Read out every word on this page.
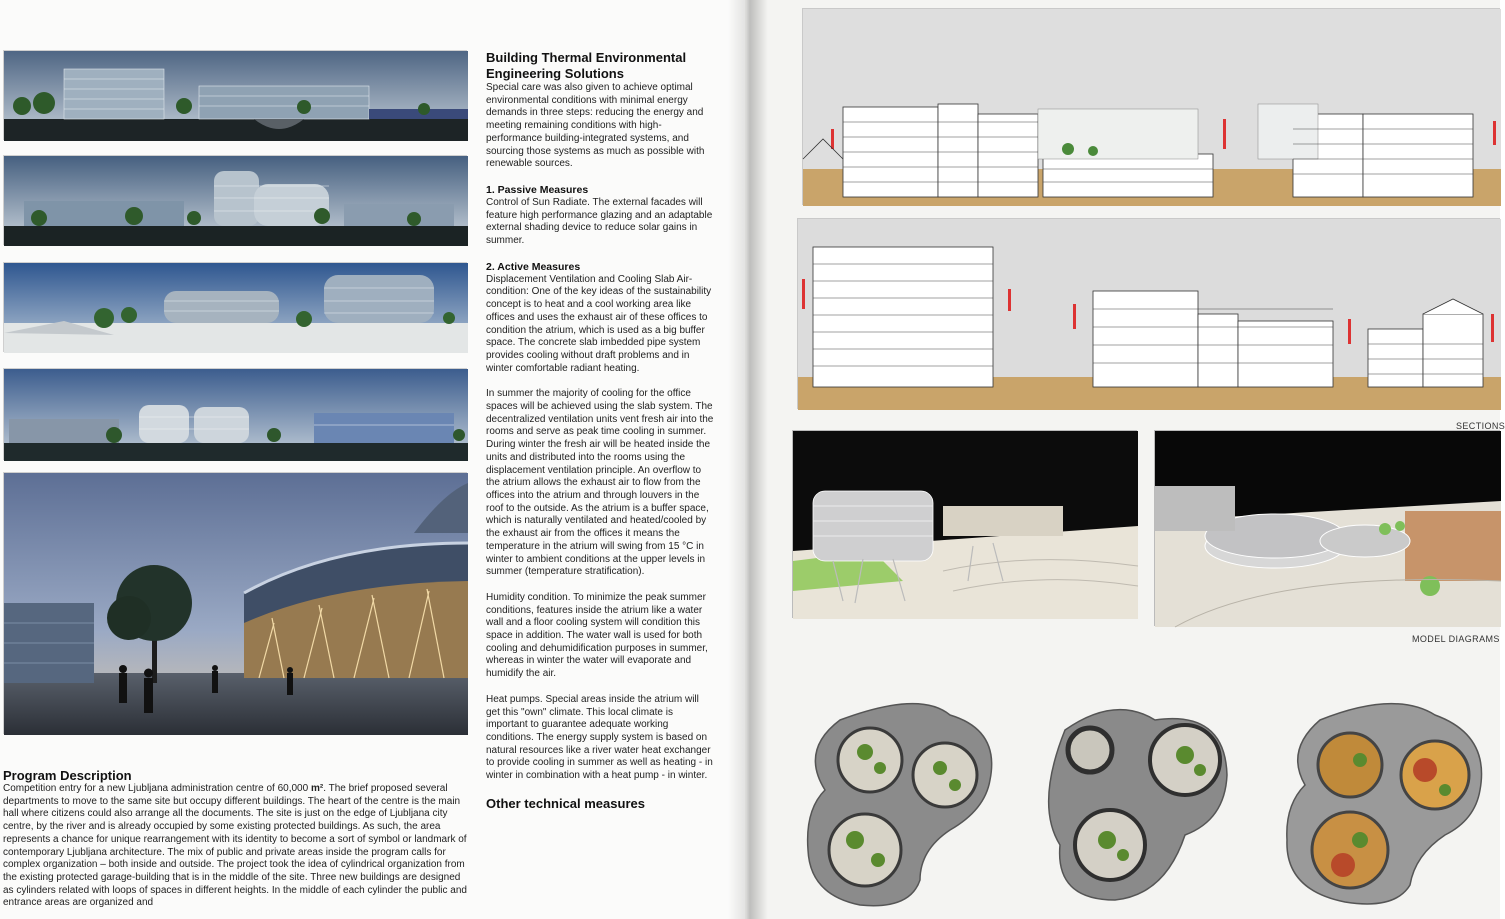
Building Thermal Environmental Engineering Solutions

Special care was also given to achieve optimal environmental conditions with minimal energy demands in three steps: reducing the energy and meeting remaining conditions with high-performance building-integrated systems, and sourcing those systems as much as possible with renewable sources.

1. Passive Measures

Control of Sun Radiate. The external facades will feature high performance glazing and an adaptable external shading device to reduce solar gains in summer.

2. Active Measures

Displacement Ventilation and Cooling Slab Air-condition: One of the key ideas of the sustainability concept is to heat and a cool working area like offices and uses the exhaust air of these offices to condition the atrium, which is used as a big buffer space. The concrete slab imbedded pipe system provides cooling without draft problems and in winter comfortable radiant heating.

In summer the majority of cooling for the office spaces will be achieved using the slab system. The decentralized ventilation units vent fresh air into the rooms and serve as peak time cooling in summer. During winter the fresh air will be heated inside the units and distributed into the rooms using the displacement ventilation principle. An overflow to the atrium allows the exhaust air to flow from the offices into the atrium and through louvers in the roof to the outside. As the atrium is a buffer space, which is naturally ventilated and heated/cooled by the exhaust air from the offices it means the temperature in the atrium will swing from 15 °C in winter to ambient conditions at the upper levels in summer (temperature stratification).

Humidity condition. To minimize the peak summer conditions, features inside the atrium like a water wall and a floor cooling system will condition this space in addition. The water wall is used for both cooling and dehumidification purposes in summer, whereas in winter the water will evaporate and humidify the air.

Heat pumps. Special areas inside the atrium will get this "own" climate. This local climate is important to guarantee adequate working conditions. The energy supply system is based on natural resources like a river water heat exchanger to provide cooling in summer as well as heating - in winter in combination with a heat pump - in winter.

Other technical measures
Program Description

Competition entry for a new Ljubljana administration centre of 60,000 m². The brief proposed several departments to move to the same site but occupy different buildings. The heart of the centre is the main hall where citizens could also arrange all the documents. The site is just on the edge of Ljubljana city centre, by the river and is already occupied by some existing protected buildings. As such, the area represents a chance for unique rearrangement with its identity to become a sort of symbol or landmark of contemporary Ljubljana architecture. The mix of public and private areas inside the program calls for complex organization – both inside and outside. The project took the idea of cylindrical organization from the existing protected garage-building that is in the middle of the site. Three new buildings are designed as cylinders related with loops of spaces in different heights. In the middle of each cylinder the public and entrance areas are organized and

SECTIONS
MODEL DIAGRAMS
